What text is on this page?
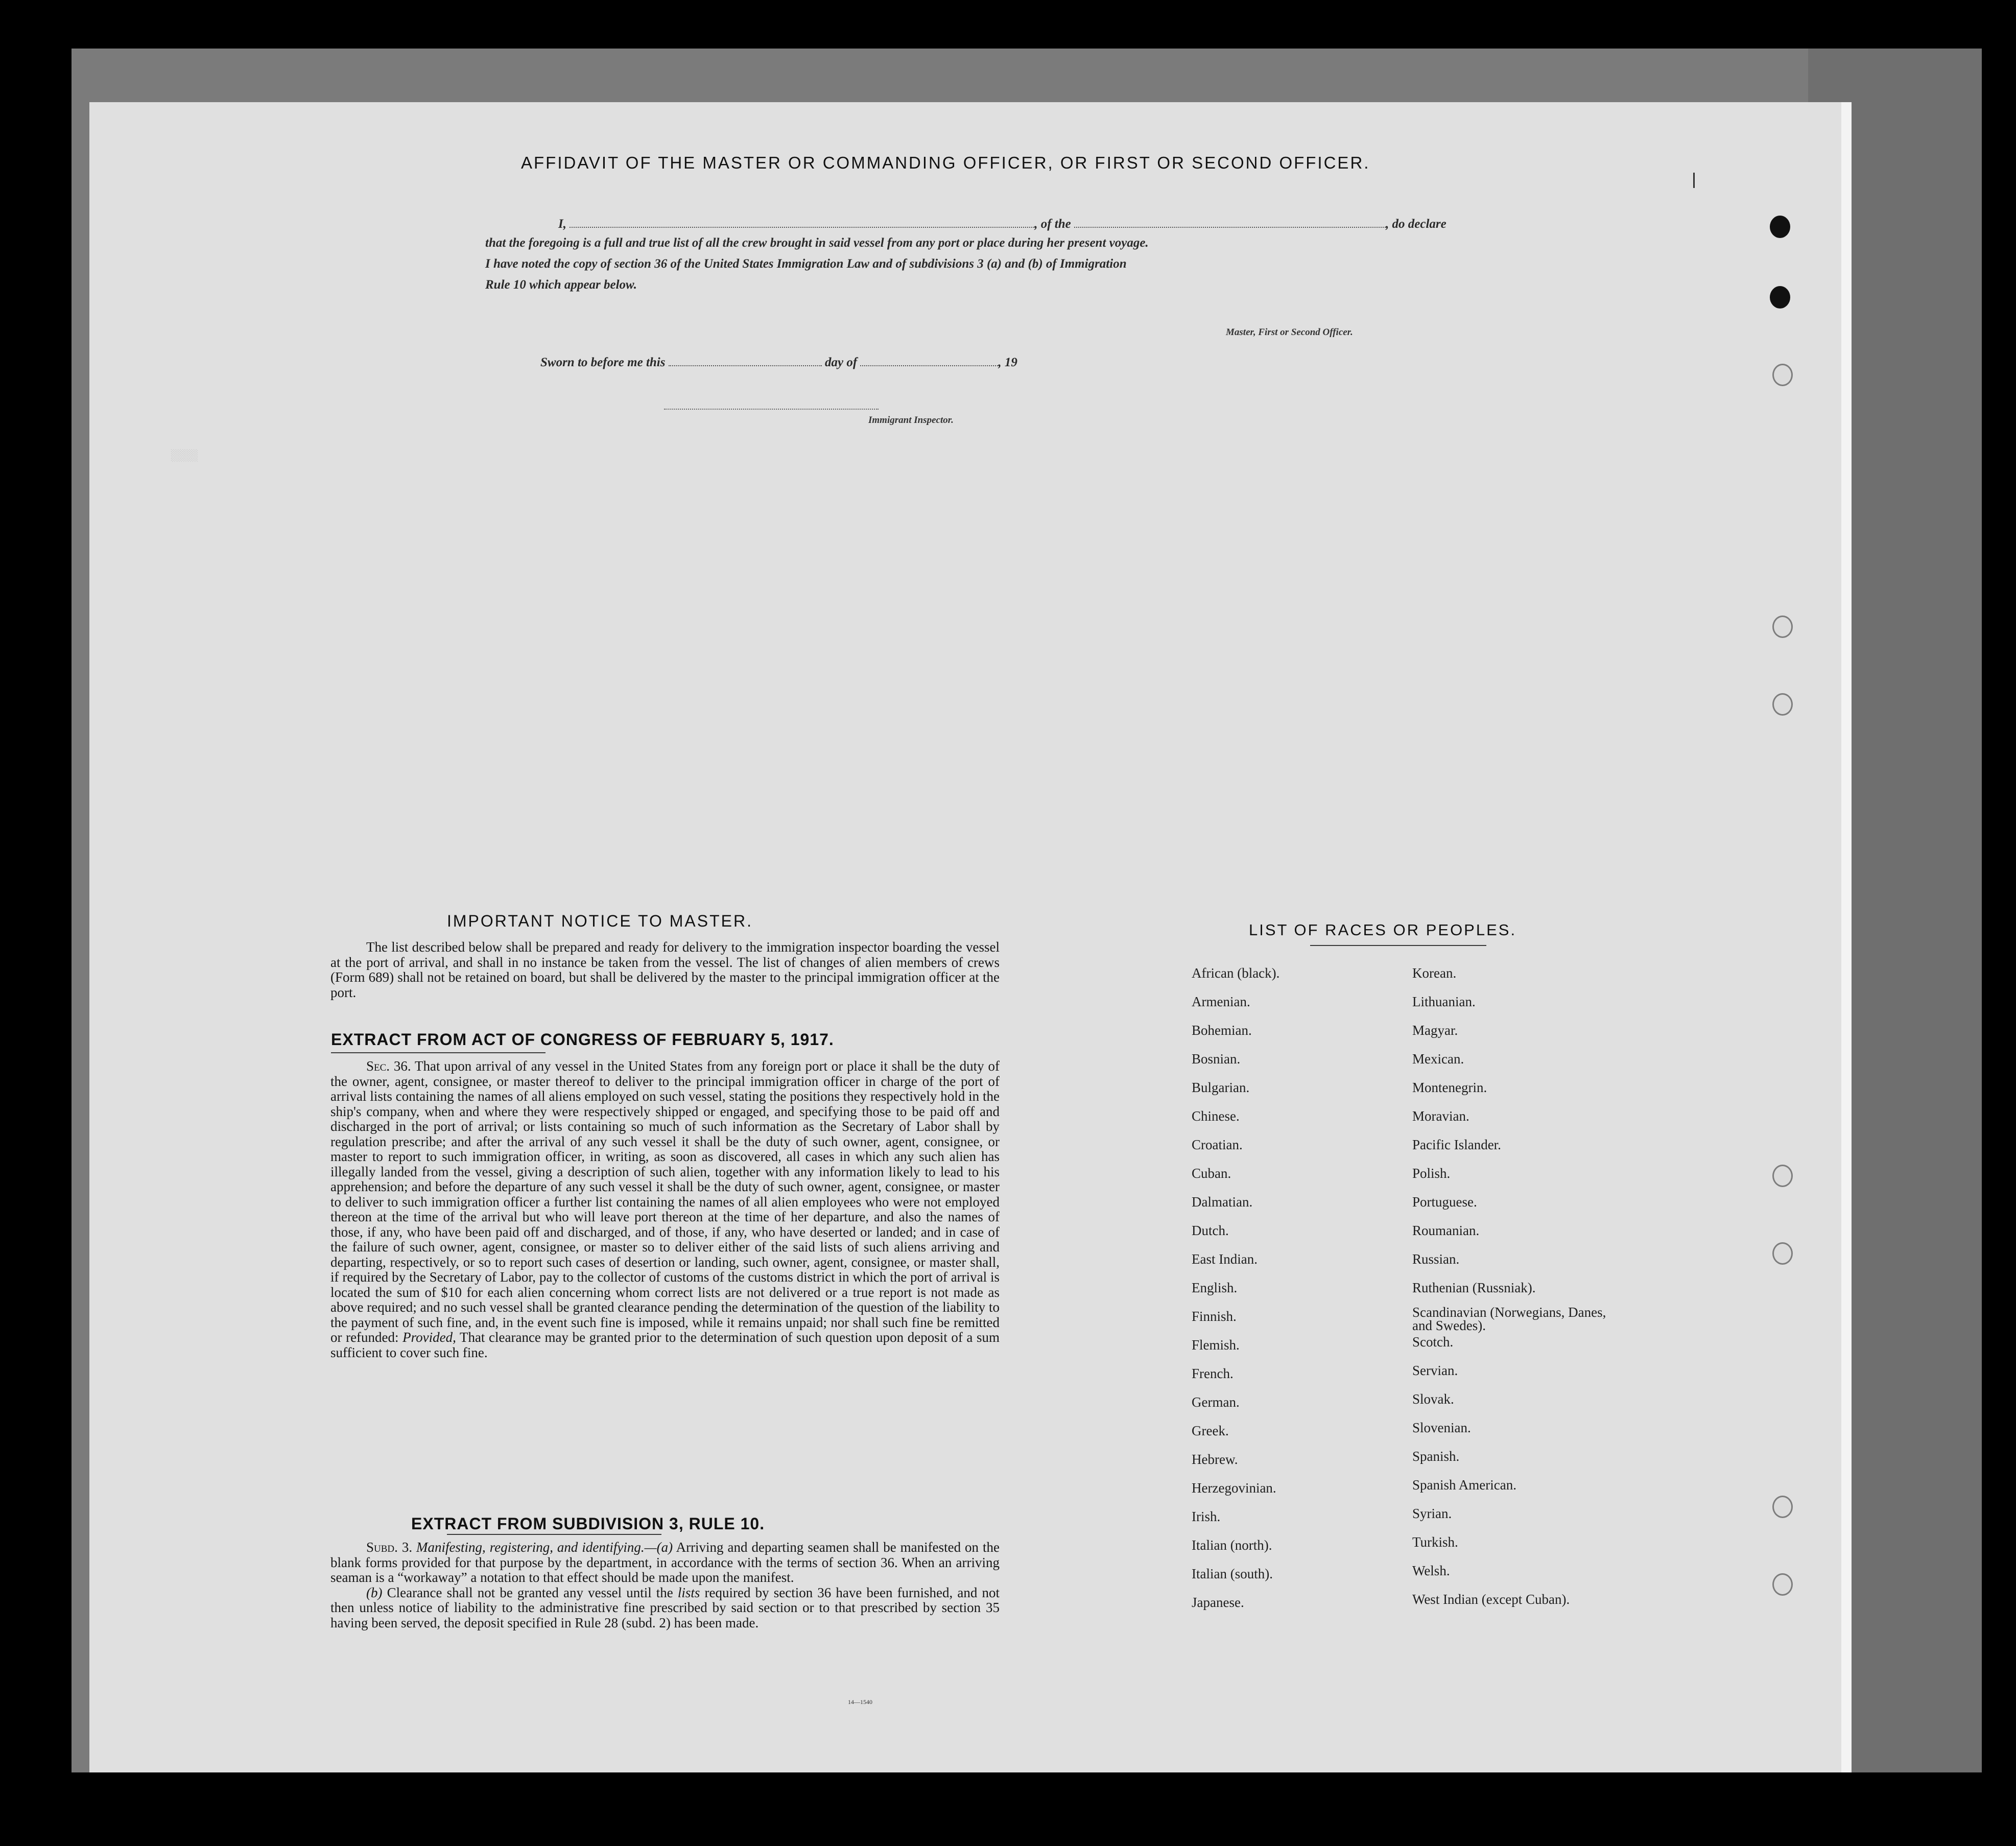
░░░░
AFFIDAVIT OF THE MASTER OR COMMANDING OFFICER, OR FIRST OR SECOND OFFICER.
I,	, of the	, do declare
that the foregoing is a full and true list of all the crew brought in said vessel from any port or place during her present voyage.
I have noted the copy of section 36 of the United States Immigration Law and of subdivisions 3 (a) and (b) of Immigration
Rule 10 which appear below.
Master, First or Second Officer.
Sworn to before me this	day of	, 19
Immigrant Inspector.
IMPORTANT NOTICE TO MASTER.
The list described below shall be prepared and ready for delivery to the immigration inspector boarding the vessel at the port of arrival, and shall in no instance be taken from the vessel. The list of changes of alien members of crews (Form 689) shall not be retained on board, but shall be delivered by the master to the principal immigration officer at the port.
EXTRACT FROM ACT OF CONGRESS OF FEBRUARY 5, 1917.

Sec. 36. That upon arrival of any vessel in the United States from any foreign port or place it shall be the duty of the owner, agent, consignee, or master thereof to deliver to the principal immigration officer in charge of the port of arrival lists containing the names of all aliens employed on such vessel, stating the positions they respectively hold in the ship's company, when and where they were respectively shipped or engaged, and specifying those to be paid off and discharged in the port of arrival; or lists containing so much of such information as the Secretary of Labor shall by regulation prescribe; and after the arrival of any such vessel it shall be the duty of such owner, agent, consignee, or master to report to such immigration officer, in writing, as soon as discovered, all cases in which any such alien has illegally landed from the vessel, giving a description of such alien, together with any information likely to lead to his apprehension; and before the departure of any such vessel it shall be the duty of such owner, agent, consignee, or master to deliver to such immigration officer a further list containing the names of all alien employees who were not employed thereon at the time of the arrival but who will leave port thereon at the time of her departure, and also the names of those, if any, who have been paid off and discharged, and of those, if any, who have deserted or landed; and in case of the failure of such owner, agent, consignee, or master so to deliver either of the said lists of such aliens arriving and departing, respectively, or so to report such cases of desertion or landing, such owner, agent, consignee, or master shall, if required by the Secretary of Labor, pay to the collector of customs of the customs district in which the port of arrival is located the sum of $10 for each alien concerning whom correct lists are not delivered or a true report is not made as above required; and no such vessel shall be granted clearance pending the determination of the question of the liability to the payment of such fine, and, in the event such fine is imposed, while it remains unpaid; nor shall such fine be remitted or refunded: Provided, That clearance may be granted prior to the determination of such question upon deposit of a sum sufficient to cover such fine.

EXTRACT FROM SUBDIVISION 3, RULE 10.

Subd. 3. Manifesting, registering, and identifying.—(a) Arriving and departing seamen shall be manifested on the blank forms provided for that purpose by the department, in accordance with the terms of section 36. When an arriving seaman is a “workaway” a notation to that effect should be made upon the manifest.

(b) Clearance shall not be granted any vessel until the lists required by section 36 have been furnished, and not then unless notice of liability to the administrative fine prescribed by said section or to that prescribed by section 35 having been served, the deposit specified in Rule 28 (subd. 2) has been made.

14—1540
LIST OF RACES OR PEOPLES.
African (black).
Armenian.
Bohemian.
Bosnian.
Bulgarian.
Chinese.
Croatian.
Cuban.
Dalmatian.
Dutch.
East Indian.
English.
Finnish.
Flemish.
French.
German.
Greek.
Hebrew.
Herzegovinian.
Irish.
Italian (north).
Italian (south).
Japanese.
Korean.
Lithuanian.
Magyar.
Mexican.
Montenegrin.
Moravian.
Pacific Islander.
Polish.
Portuguese.
Roumanian.
Russian.
Ruthenian (Russniak).
Scandinavian (Norwegians, Danes, and Swedes).
Scotch.
Servian.
Slovak.
Slovenian.
Spanish.
Spanish American.
Syrian.
Turkish.
Welsh.
West Indian (except Cuban).
